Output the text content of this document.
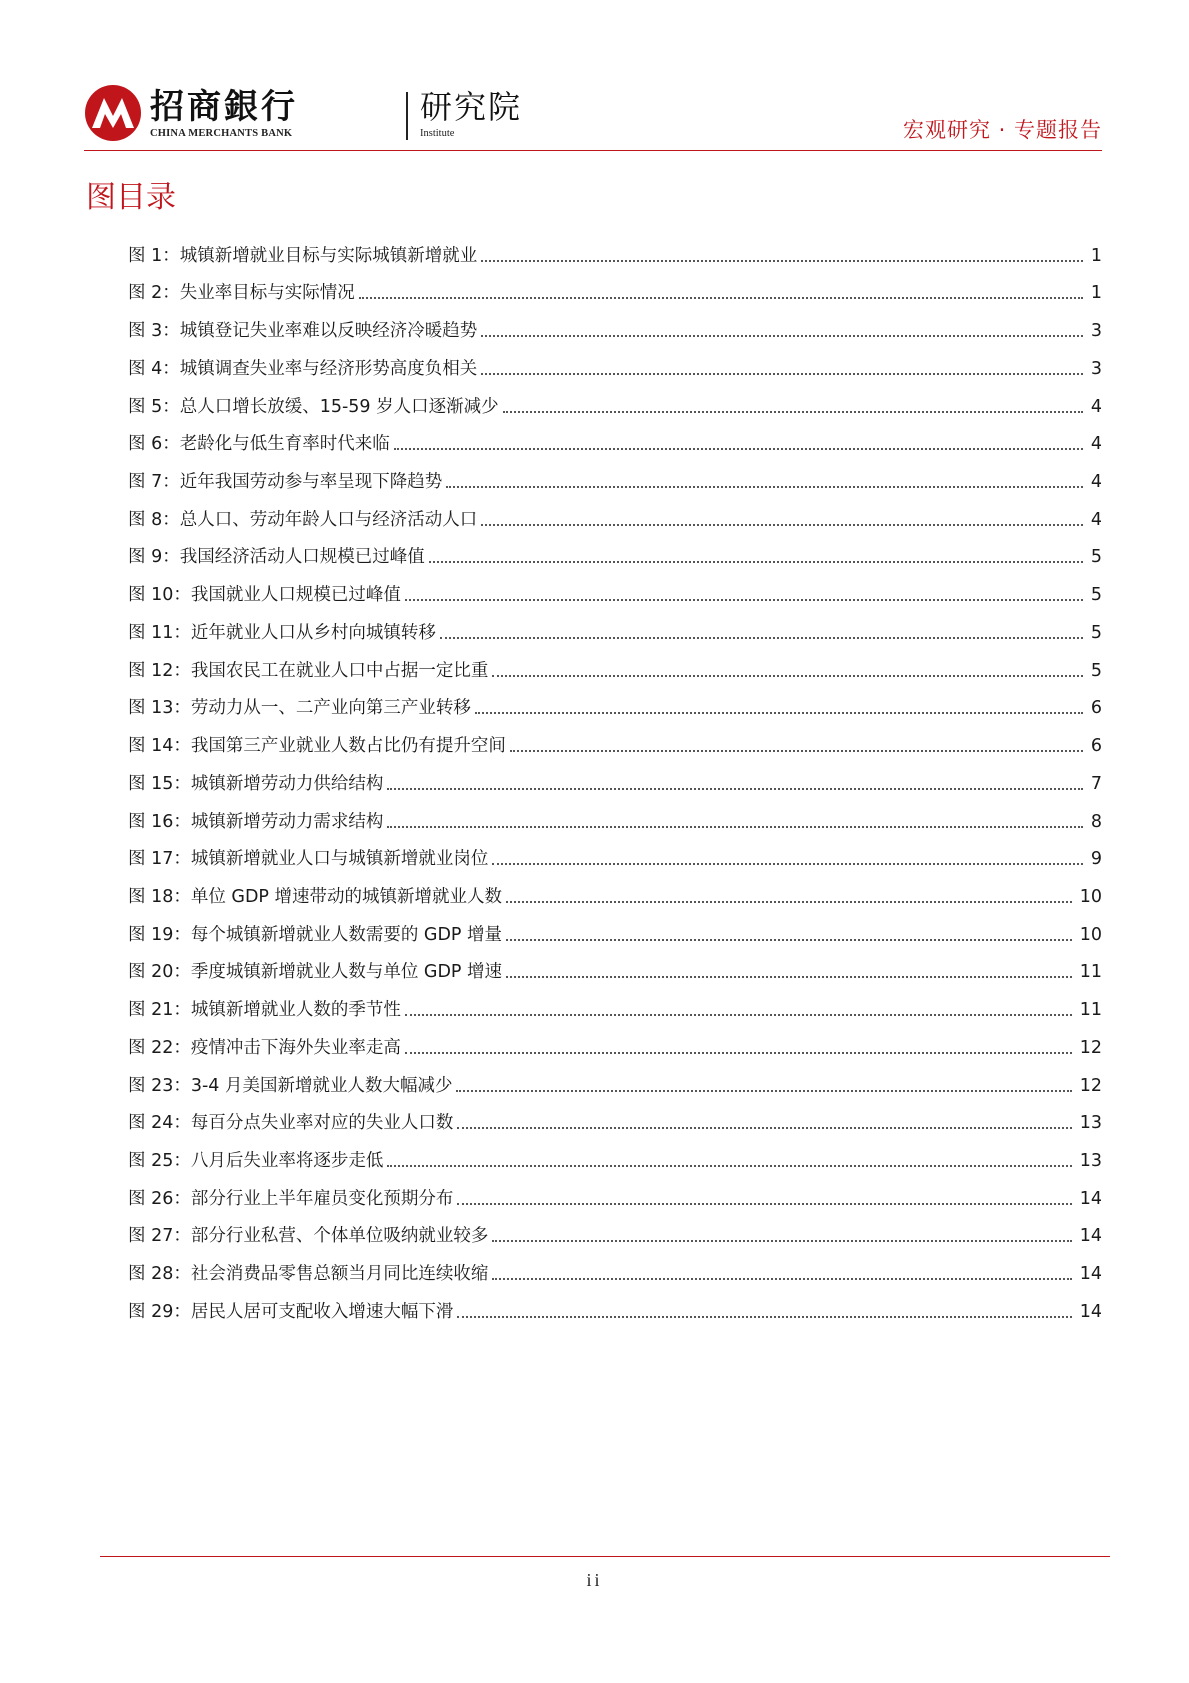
招商銀行
CHINA MERCHANTS BANK
研究院
Institute	宏观研究 · 专题报告
图目录
图 1：城镇新增就业目标与实际城镇新增就业	1
图 2：失业率目标与实际情况	1
图 3：城镇登记失业率难以反映经济冷暖趋势	3
图 4：城镇调查失业率与经济形势高度负相关	3
图 5：总人口增长放缓、15-59 岁人口逐渐减少	4
图 6：老龄化与低生育率时代来临	4
图 7：近年我国劳动参与率呈现下降趋势	4
图 8：总人口、劳动年龄人口与经济活动人口	4
图 9：我国经济活动人口规模已过峰值	5
图 10：我国就业人口规模已过峰值	5
图 11：近年就业人口从乡村向城镇转移	5
图 12：我国农民工在就业人口中占据一定比重	5
图 13：劳动力从一、二产业向第三产业转移	6
图 14：我国第三产业就业人数占比仍有提升空间	6
图 15：城镇新增劳动力供给结构	7
图 16：城镇新增劳动力需求结构	8
图 17：城镇新增就业人口与城镇新增就业岗位	9
图 18：单位 GDP 增速带动的城镇新增就业人数	10
图 19：每个城镇新增就业人数需要的 GDP 增量	10
图 20：季度城镇新增就业人数与单位 GDP 增速	11
图 21：城镇新增就业人数的季节性	11
图 22：疫情冲击下海外失业率走高	12
图 23：3-4 月美国新增就业人数大幅减少	12
图 24：每百分点失业率对应的失业人口数	13
图 25：八月后失业率将逐步走低	13
图 26：部分行业上半年雇员变化预期分布	14
图 27：部分行业私营、个体单位吸纳就业较多	14
图 28：社会消费品零售总额当月同比连续收缩	14
图 29：居民人居可支配收入增速大幅下滑	14
ii
